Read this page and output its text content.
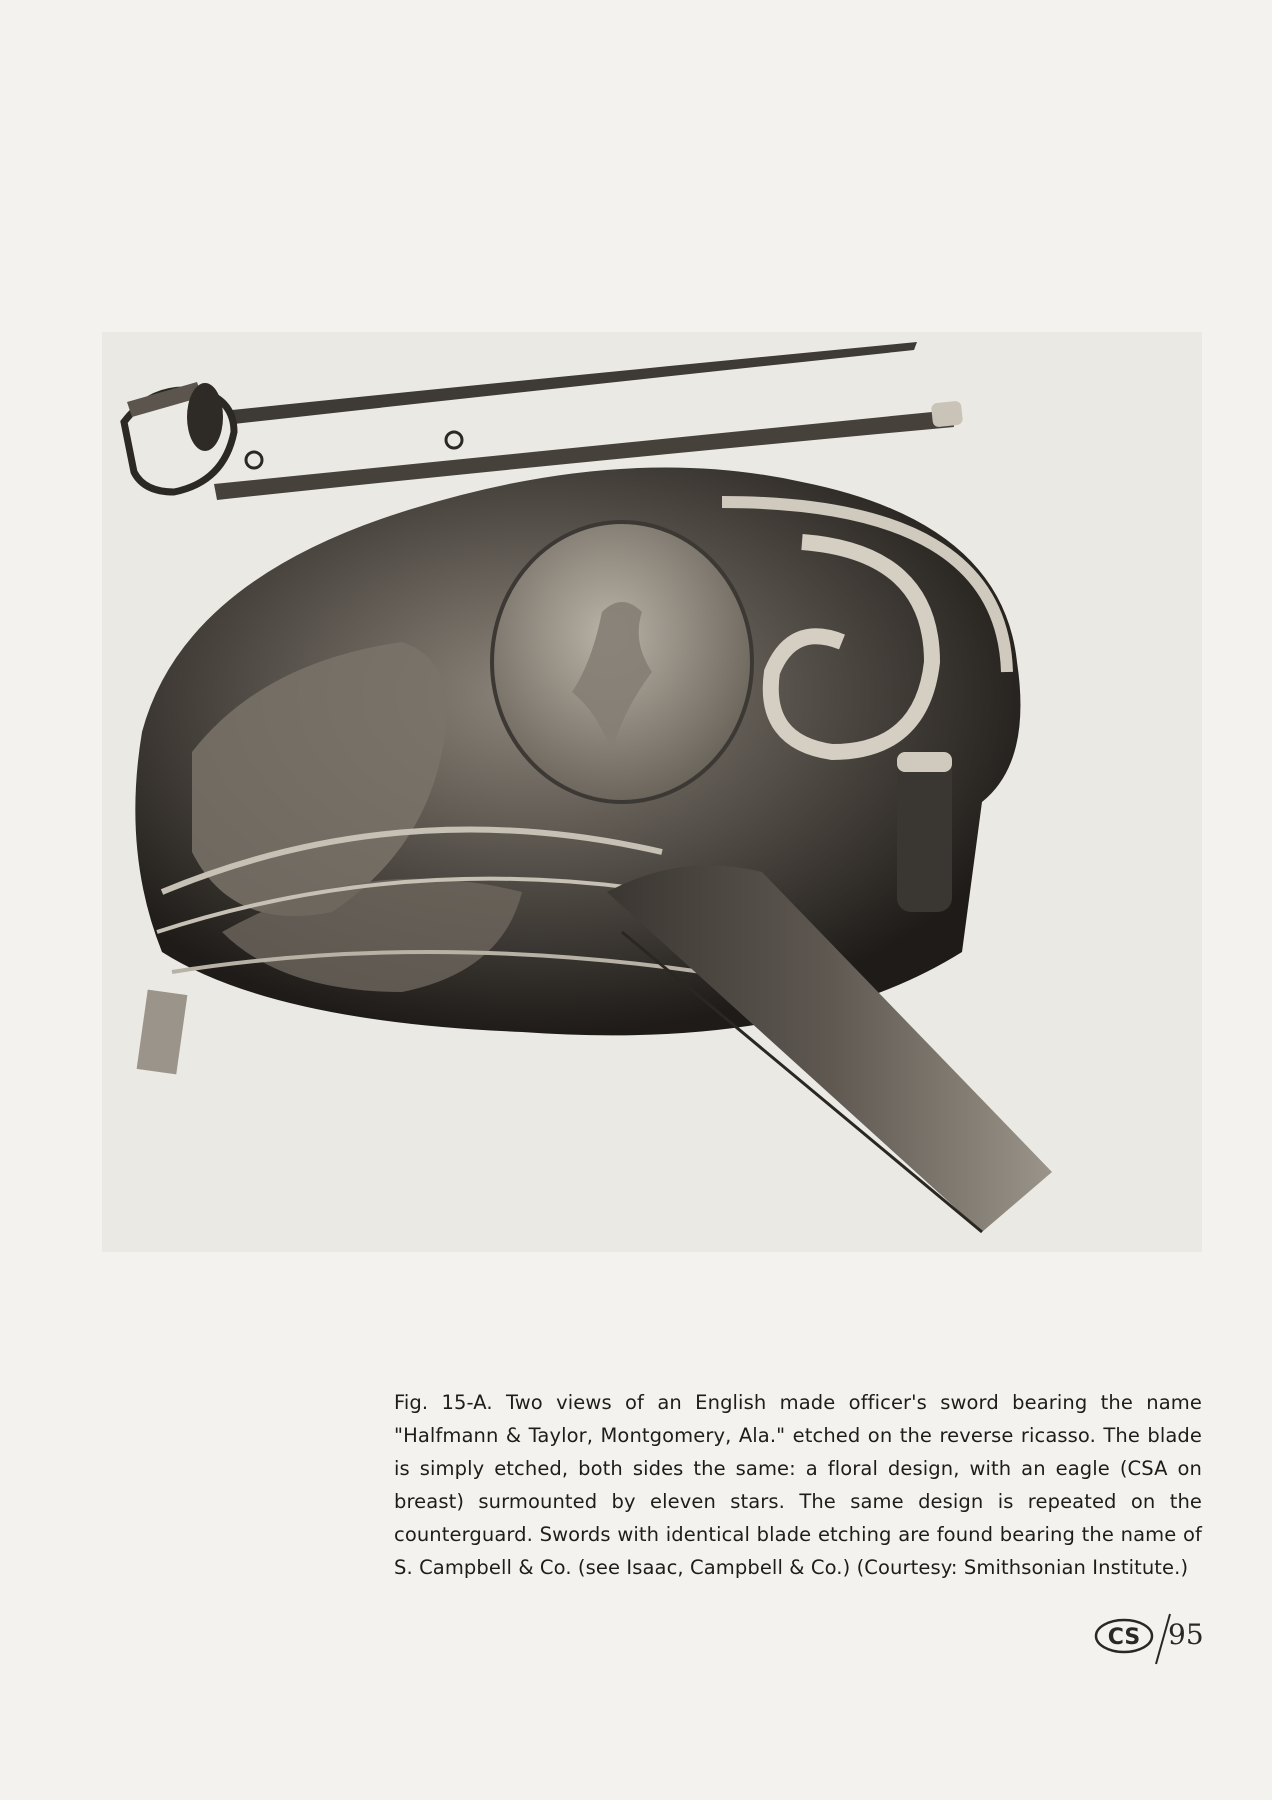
Fig. 15-A. Two views of an English made officer's sword bearing the name "Halfmann & Taylor, Montgomery, Ala." etched on the reverse ricasso. The blade is simply etched, both sides the same: a floral design, with an eagle (CSA on breast) surmounted by eleven stars. The same design is repeated on the counterguard. Swords with identical blade etching are found bearing the name of S. Campbell & Co. (see Isaac, Campbell & Co.) (Courtesy: Smithsonian Institute.)
CS 95
